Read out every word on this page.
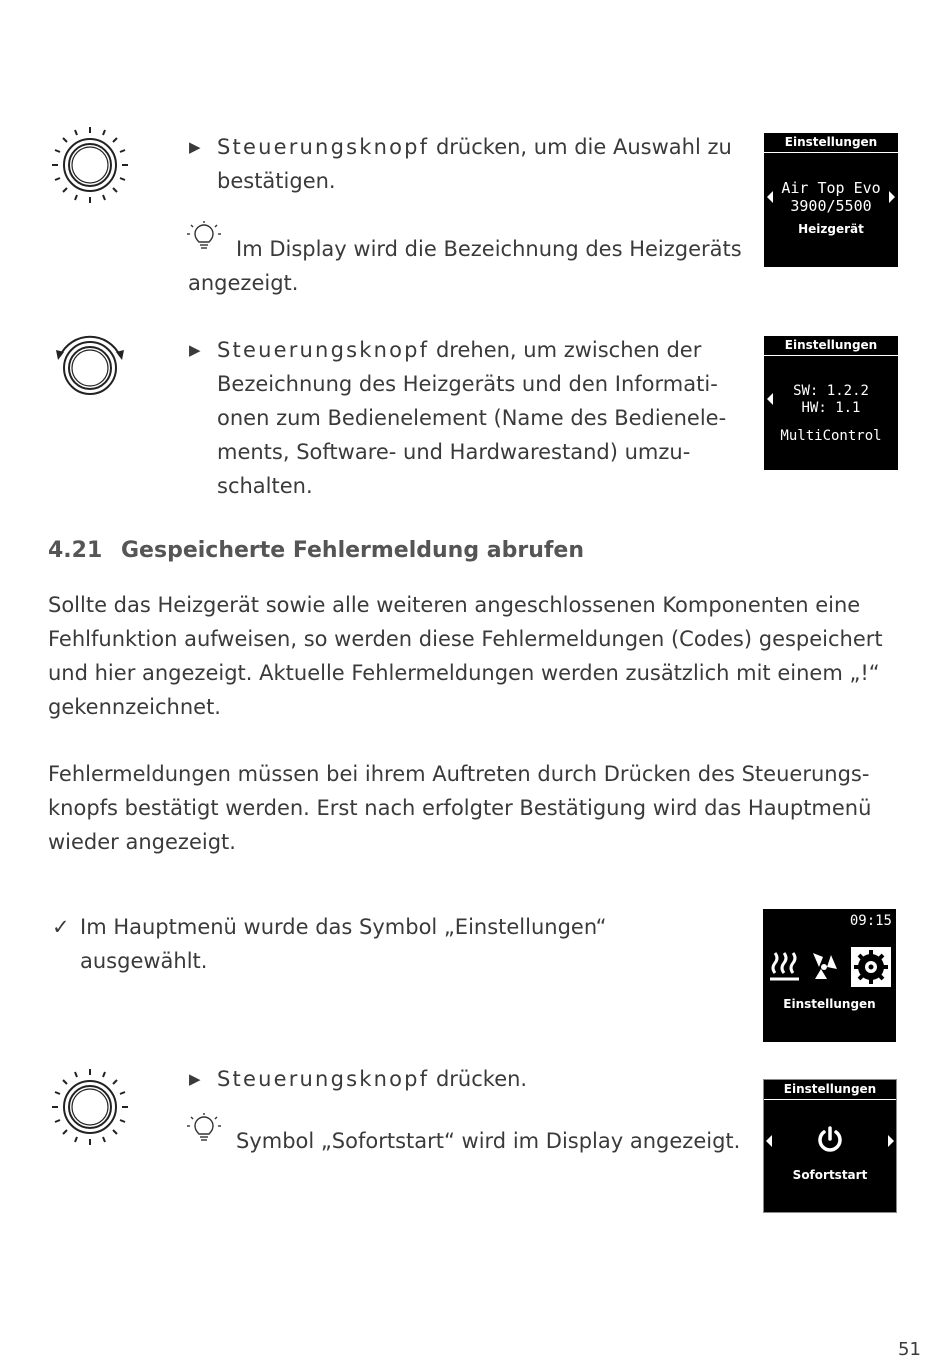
▶ Steuerungsknopf drücken, um die Auswahl zu
bestätigen.
Im Display wird die Bezeichnung des Heizgeräts
angezeigt.
Einstellungen
Air Top Evo
3900/5500
Heizgerät
▶ Steuerungsknopf drehen, um zwischen der
Bezeichnung des Heizgeräts und den Informati-
onen zum Bedienelement (Name des Bedienele-
ments, Software- und Hardwarestand) umzu-
schalten.
Einstellungen
SW: 1.2.2
HW: 1.1
MultiControl
4.21 Gespeicherte Fehlermeldung abrufen
Sollte das Heizgerät sowie alle weiteren angeschlossenen Komponenten eine
Fehlfunktion aufweisen, so werden diese Fehlermeldungen (Codes) gespeichert
und hier angezeigt. Aktuelle Fehlermeldungen werden zusätzlich mit einem „!“
gekennzeichnet.
Fehlermeldungen müssen bei ihrem Auftreten durch Drücken des Steuerungs-
knopfs bestätigt werden. Erst nach erfolgter Bestätigung wird das Hauptmenü
wieder angezeigt.
✓ Im Hauptmenü wurde das Symbol „Einstellungen“ ausgewählt.
09:15
Einstellungen
▶ Steuerungsknopf drücken.
Symbol „Sofortstart“ wird im Display angezeigt.
Einstellungen
Sofortstart
51
